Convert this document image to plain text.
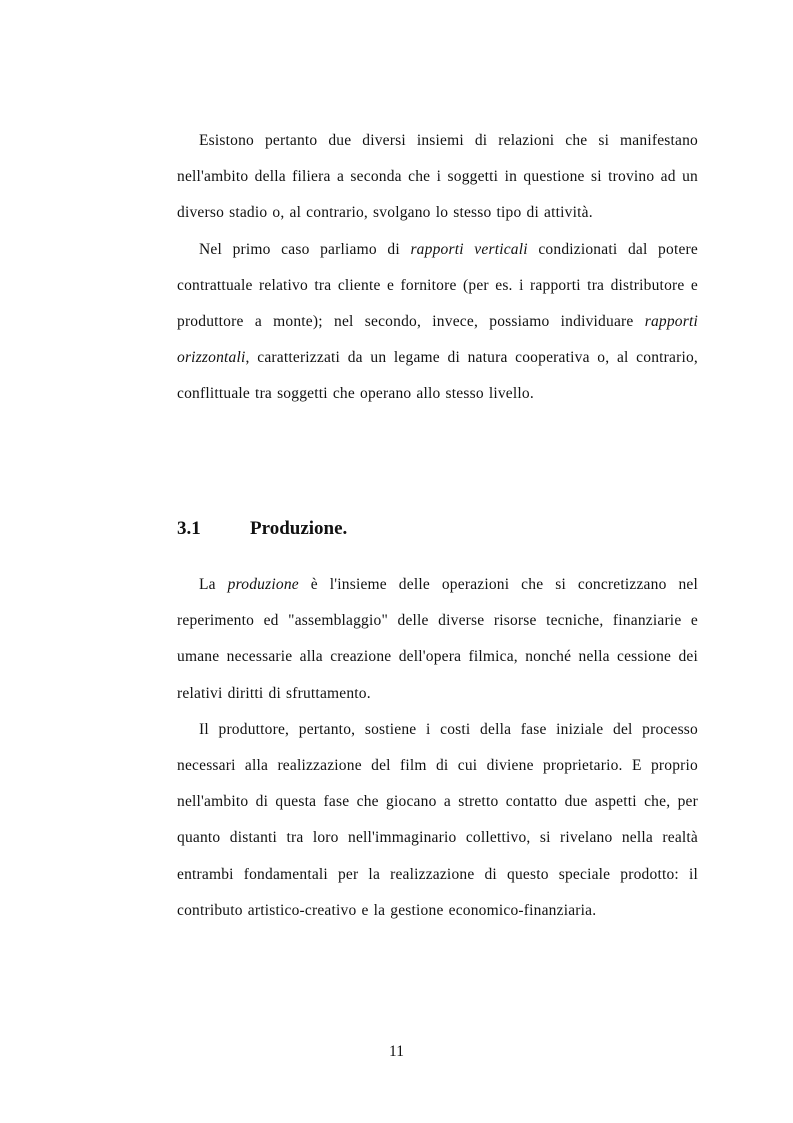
Esistono pertanto due diversi insiemi di relazioni che si manifestano nell'ambito della filiera a seconda che i soggetti in questione si trovino ad un diverso stadio o, al contrario, svolgano lo stesso tipo di attività.

Nel primo caso parliamo di rapporti verticali condizionati dal potere contrattuale relativo tra cliente e fornitore (per es. i rapporti tra distributore e produttore a monte); nel secondo, invece, possiamo individuare rapporti orizzontali, caratterizzati da un legame di natura cooperativa o, al contrario, conflittuale tra soggetti che operano allo stesso livello.

3.1	Produzione.

La produzione è l'insieme delle operazioni che si concretizzano nel reperimento ed "assemblaggio" delle diverse risorse tecniche, finanziarie e umane necessarie alla creazione dell'opera filmica, nonché nella cessione dei relativi diritti di sfruttamento.

Il produttore, pertanto, sostiene i costi della fase iniziale del processo necessari alla realizzazione del film di cui diviene proprietario. E proprio nell'ambito di questa fase che giocano a stretto contatto due aspetti che, per quanto distanti tra loro nell'immaginario collettivo, si rivelano nella realtà entrambi fondamentali per la realizzazione di questo speciale prodotto: il contributo artistico-creativo e la gestione economico-finanziaria.

11
